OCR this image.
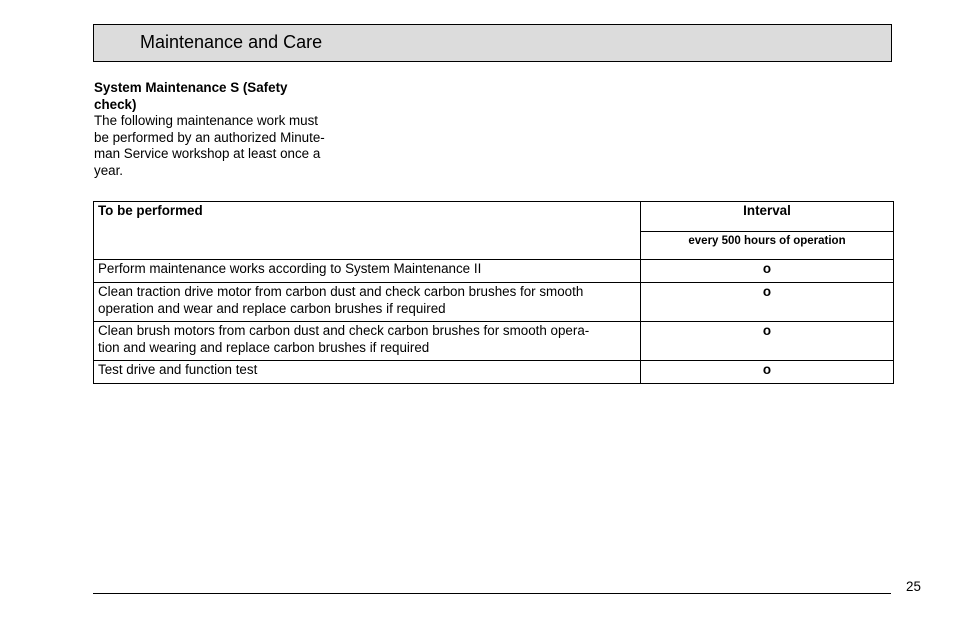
Maintenance and Care
System Maintenance S (Safety
check)
The following maintenance work must
be performed by an authorized Minute-
man Service workshop at least once a
year.
To be performed	Interval
	every 500 hours of operation
Perform maintenance works according to System Maintenance II	o
Clean traction drive motor from carbon dust and check carbon brushes for smooth
operation and wear and replace carbon brushes if required	o
Clean brush motors from carbon dust and check carbon brushes for smooth opera-
tion and wearing and replace carbon brushes if required	o
Test drive and function test	o
25
